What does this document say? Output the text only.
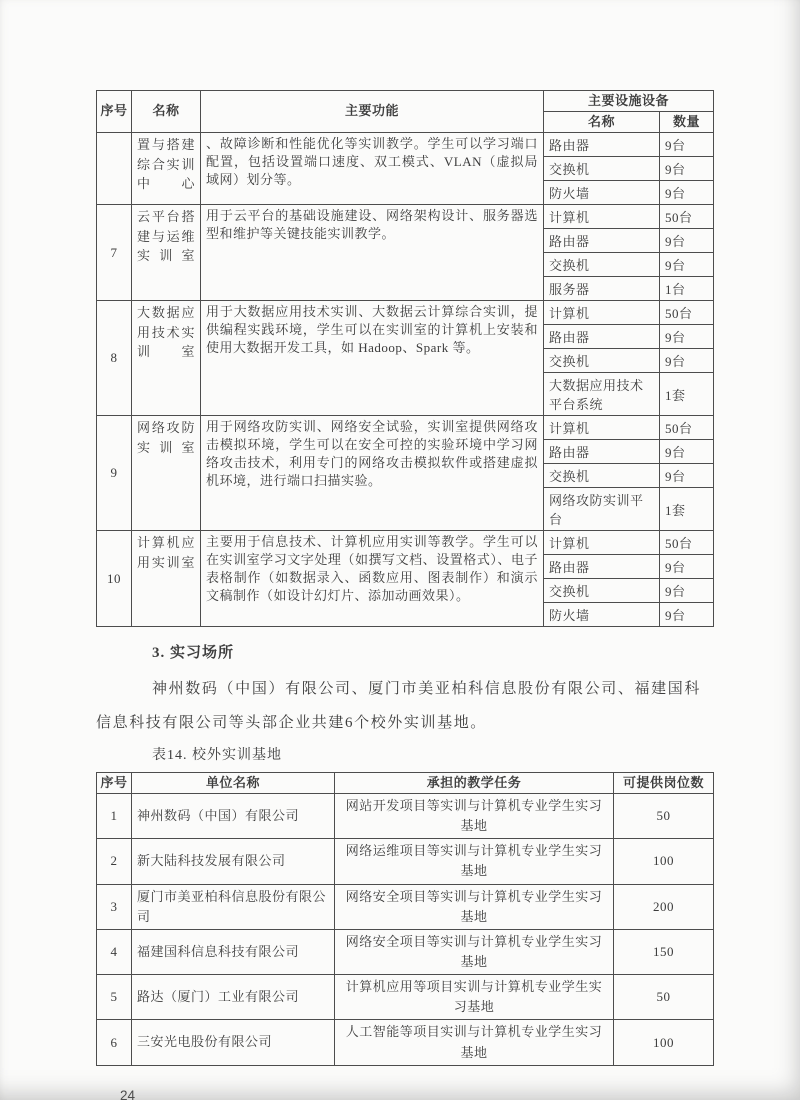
序号	名称	主要功能	主要设施设备	
			名称	数量
	置与搭建综合实训中心	、故障诊断和性能优化等实训教学。学生可以学习端口配置，包括设置端口速度、双工模式、VLAN（虚拟局域网）划分等。	路由器	9台
			交换机	9台
			防火墙	9台
7	云平台搭建与运维实训室	用于云平台的基础设施建设、网络架构设计、服务器选型和维护等关键技能实训教学。	计算机	50台
			路由器	9台
			交换机	9台
			服务器	1台
8	大数据应用技术实训室	用于大数据应用技术实训、大数据云计算综合实训，提供编程实践环境，学生可以在实训室的计算机上安装和使用大数据开发工具，如 Hadoop、Spark 等。	计算机	50台
			路由器	9台
			交换机	9台
			大数据应用技术平台系统	1套
9	网络攻防实训室	用于网络攻防实训、网络安全试验，实训室提供网络攻击模拟环境，学生可以在安全可控的实验环境中学习网络攻击技术，利用专门的网络攻击模拟软件或搭建虚拟机环境，进行端口扫描实验。	计算机	50台
			路由器	9台
			交换机	9台
			网络攻防实训平台	1套
10	计算机应用实训室	主要用于信息技术、计算机应用实训等教学。学生可以在实训室学习文字处理（如撰写文档、设置格式）、电子表格制作（如数据录入、函数应用、图表制作）和演示文稿制作（如设计幻灯片、添加动画效果）。	计算机	50台
			路由器	9台
			交换机	9台
			防火墙	9台
3. 实习场所

神州数码（中国）有限公司、厦门市美亚柏科信息股份有限公司、福建国科信息科技有限公司等头部企业共建6个校外实训基地。

表14. 校外实训基地

序号	单位名称	承担的教学任务	可提供岗位数
1	神州数码（中国）有限公司	网站开发项目等实训与计算机专业学生实习基地	50
2	新大陆科技发展有限公司	网络运维项目等实训与计算机专业学生实习基地	100
3	厦门市美亚柏科信息股份有限公司	网络安全项目等实训与计算机专业学生实习基地	200
4	福建国科信息科技有限公司	网络安全项目等实训与计算机专业学生实习基地	150
5	路达（厦门）工业有限公司	计算机应用等项目实训与计算机专业学生实习基地	50
6	三安光电股份有限公司	人工智能等项目实训与计算机专业学生实习基地	100
24
